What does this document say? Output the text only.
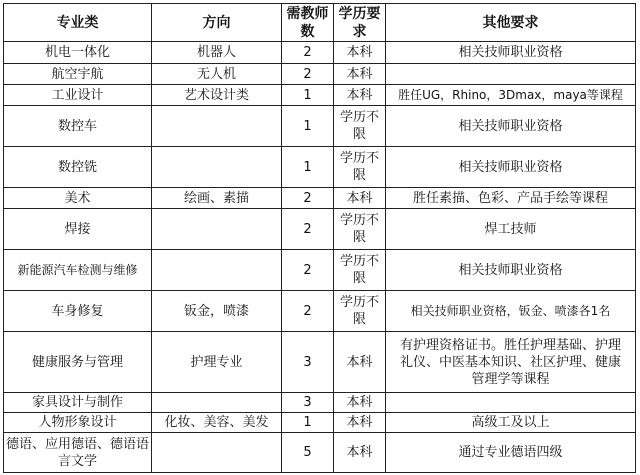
专业类	方向	需教师数	学历要求	其他要求
机电一体化	机器人	2	本科	相关技师职业资格
航空宇航	无人机	2	本科	
工业设计	艺术设计类	1	本科	胜任UG，Rhino，3Dmax，maya等课程
数控车		1	学历不限	相关技师职业资格
数控铣		1	学历不限	相关技师职业资格
美术	绘画、素描	2	本科	胜任素描、色彩、产品手绘等课程
焊接		2	学历不限	焊工技师
新能源汽车检测与维修		2	学历不限	相关技师职业资格
车身修复	钣金，喷漆	2	学历不限	相关技师职业资格，钣金、喷漆各1名
健康服务与管理	护理专业	3	本科	有护理资格证书。胜任护理基础、护理礼仪、中医基本知识、社区护理、健康管理学等课程
家具设计与制作		3	本科	
人物形象设计	化妆、美容、美发	1	本科	高级工及以上
德语、应用德语、德语语言文学		5	本科	通过专业德语四级
